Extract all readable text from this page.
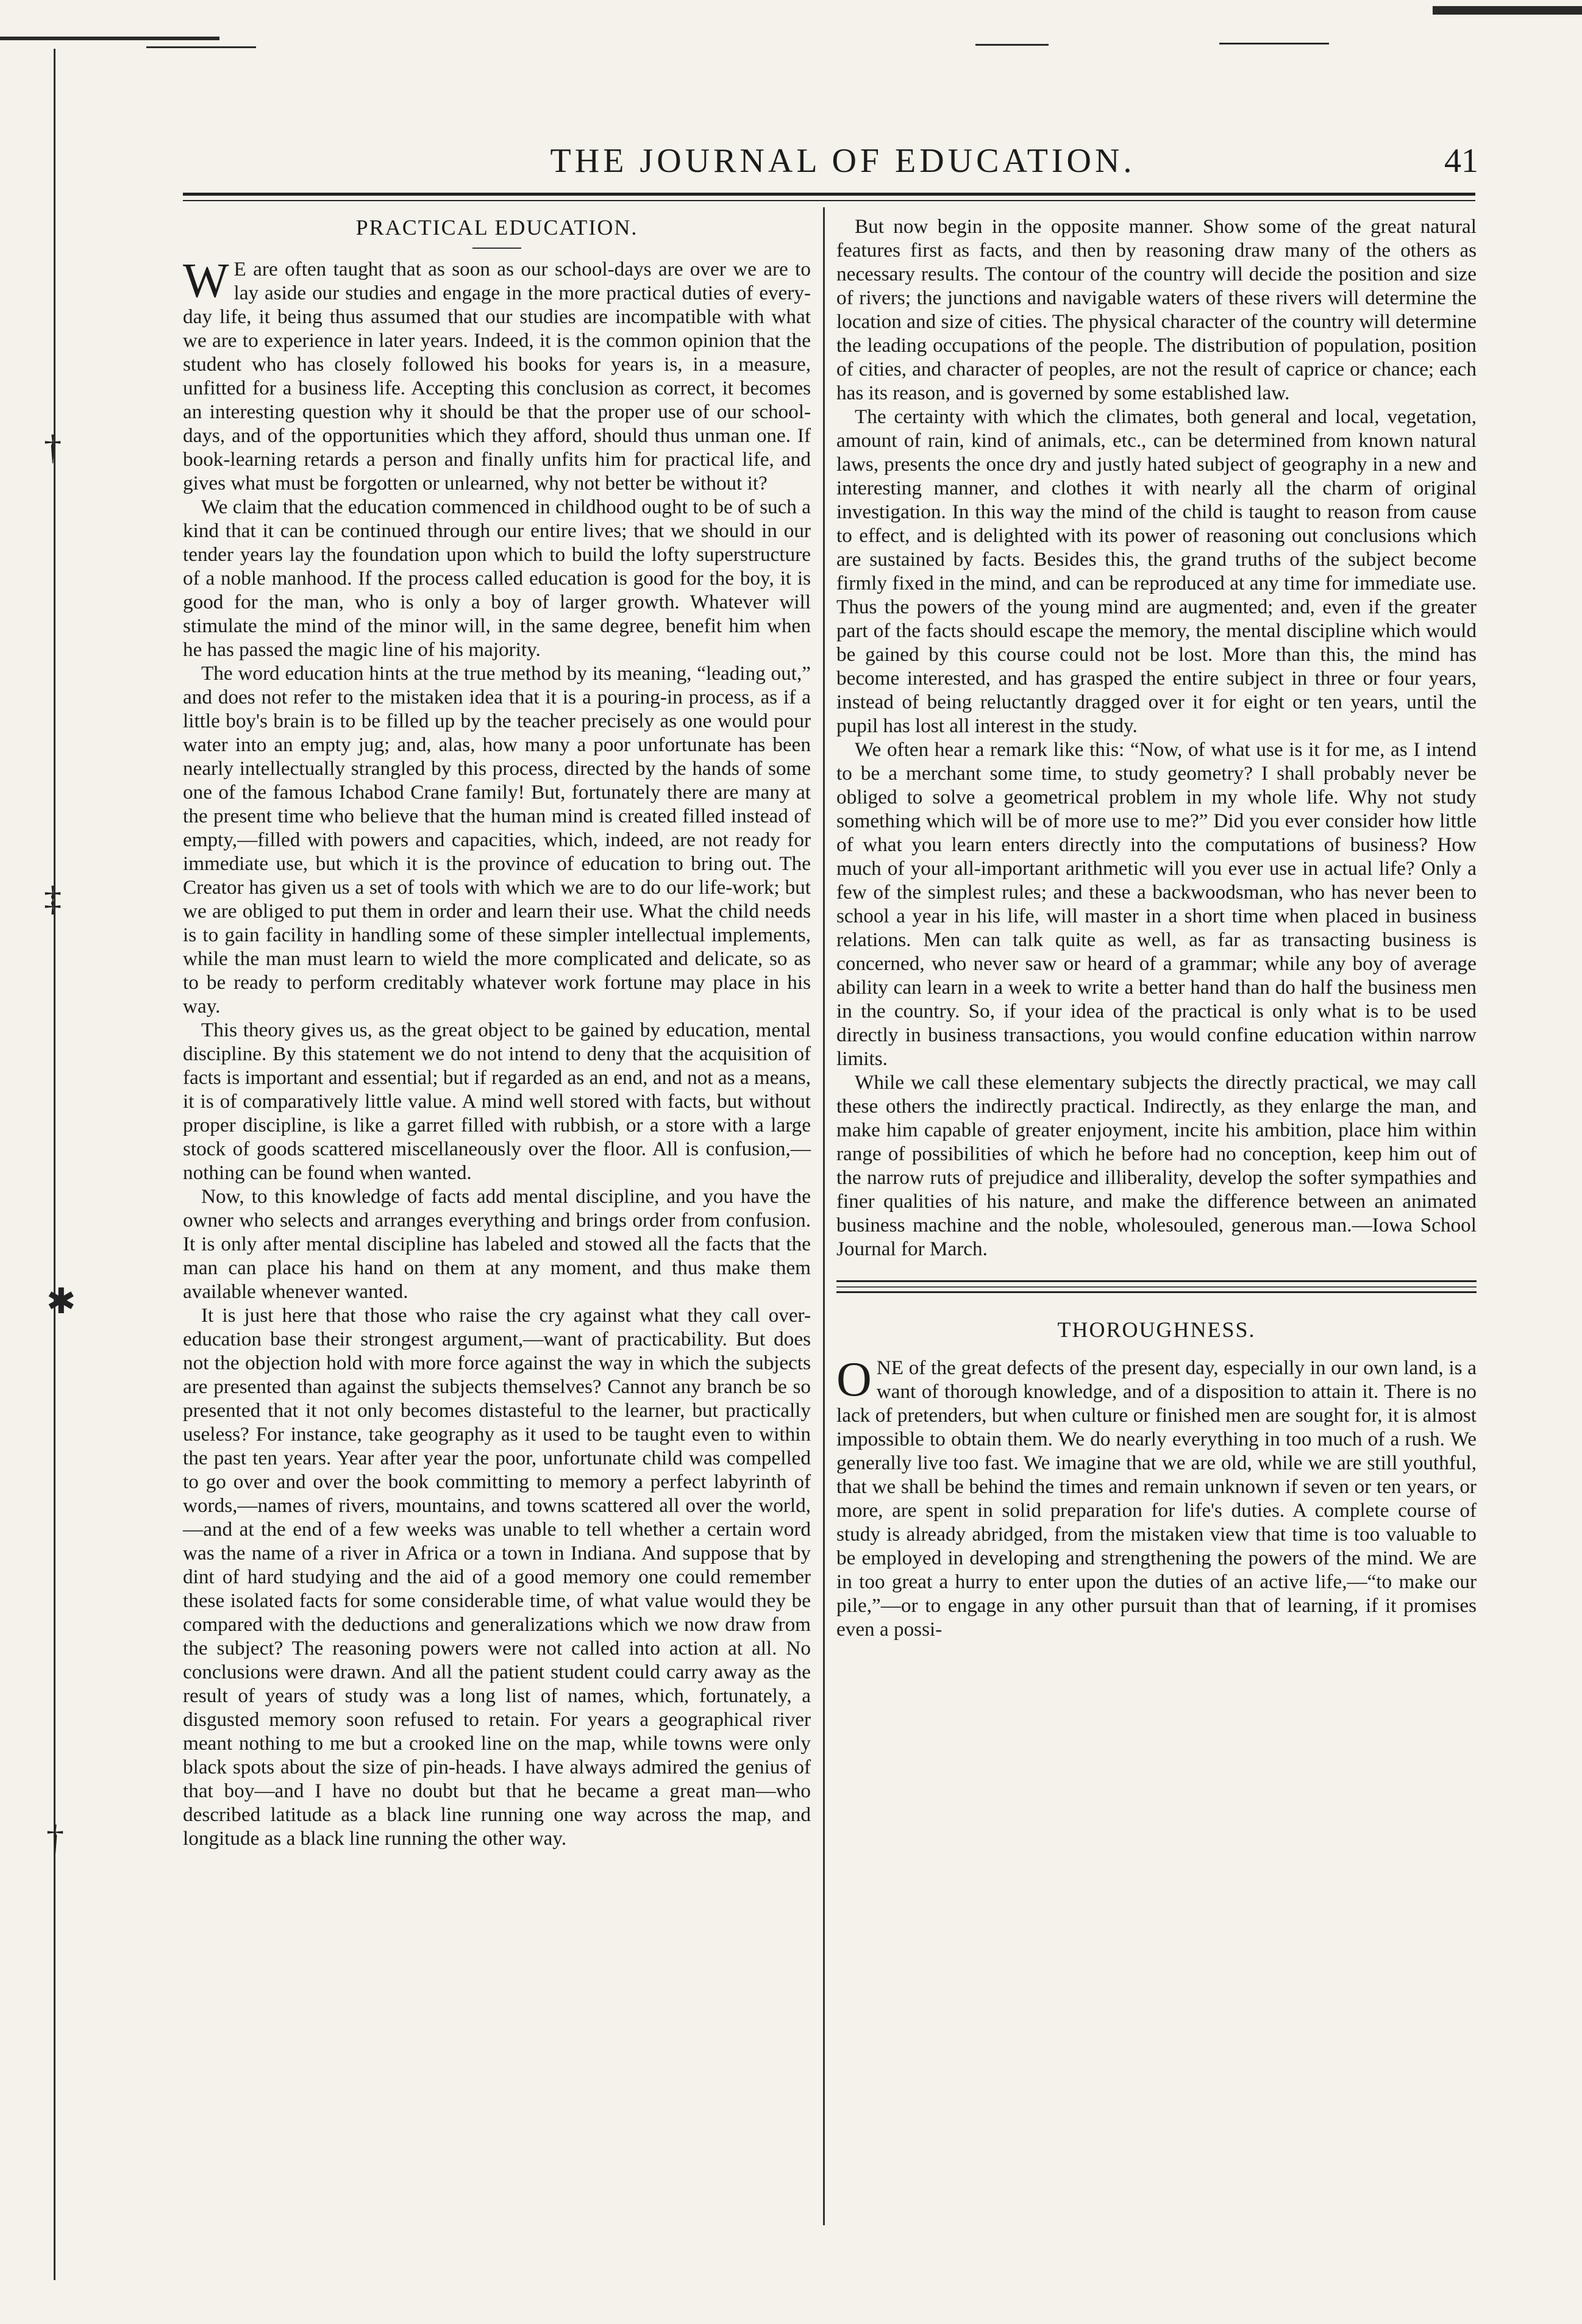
†
‡
✱
†
THE JOURNAL OF EDUCATION.	41
PRACTICAL EDUCATION.

W E are often taught that as soon as our school-days are over we are to lay aside our studies and engage in the more practical duties of every-day life, it being thus assumed that our studies are incompatible with what we are to experience in later years. Indeed, it is the common opinion that the student who has closely followed his books for years is, in a measure, unfitted for a business life. Accepting this conclusion as correct, it becomes an interesting question why it should be that the proper use of our school-days, and of the opportunities which they afford, should thus unman one. If book-learning retards a person and finally unfits him for practical life, and gives what must be forgotten or unlearned, why not better be without it?

We claim that the education commenced in childhood ought to be of such a kind that it can be continued through our entire lives; that we should in our tender years lay the foundation upon which to build the lofty superstructure of a noble manhood. If the process called education is good for the boy, it is good for the man, who is only a boy of larger growth. Whatever will stimulate the mind of the minor will, in the same degree, benefit him when he has passed the magic line of his majority.

The word education hints at the true method by its meaning, “leading out,” and does not refer to the mistaken idea that it is a pouring-in process, as if a little boy's brain is to be filled up by the teacher precisely as one would pour water into an empty jug; and, alas, how many a poor unfortunate has been nearly intellectually strangled by this process, directed by the hands of some one of the famous Ichabod Crane family! But, fortunately there are many at the present time who believe that the human mind is created filled instead of empty,—filled with powers and capacities, which, indeed, are not ready for immediate use, but which it is the province of education to bring out. The Creator has given us a set of tools with which we are to do our life-work; but we are obliged to put them in order and learn their use. What the child needs is to gain facility in handling some of these simpler intellectual implements, while the man must learn to wield the more complicated and delicate, so as to be ready to perform creditably whatever work fortune may place in his way.

This theory gives us, as the great object to be gained by education, mental discipline. By this statement we do not intend to deny that the acquisition of facts is important and essential; but if regarded as an end, and not as a means, it is of comparatively little value. A mind well stored with facts, but without proper discipline, is like a garret filled with rubbish, or a store with a large stock of goods scattered miscellaneously over the floor. All is confusion,—nothing can be found when wanted.

Now, to this knowledge of facts add mental discipline, and you have the owner who selects and arranges everything and brings order from confusion. It is only after mental discipline has labeled and stowed all the facts that the man can place his hand on them at any moment, and thus make them available whenever wanted.

It is just here that those who raise the cry against what they call over-education base their strongest argument,—want of practicability. But does not the objection hold with more force against the way in which the subjects are presented than against the subjects themselves? Cannot any branch be so presented that it not only becomes distasteful to the learner, but practically useless? For instance, take geography as it used to be taught even to within the past ten years. Year after year the poor, unfortunate child was compelled to go over and over the book committing to memory a perfect labyrinth of words,—names of rivers, mountains, and towns scattered all over the world,—and at the end of a few weeks was unable to tell whether a certain word was the name of a river in Africa or a town in Indiana. And suppose that by dint of hard studying and the aid of a good memory one could remember these isolated facts for some considerable time, of what value would they be compared with the deductions and generalizations which we now draw from the subject? The reasoning powers were not called into action at all. No conclusions were drawn. And all the patient student could carry away as the result of years of study was a long list of names, which, fortunately, a disgusted memory soon refused to retain. For years a geographical river meant nothing to me but a crooked line on the map, while towns were only black spots about the size of pin-heads. I have always admired the genius of that boy—and I have no doubt but that he became a great man—who described latitude as a black line running one way across the map, and longitude as a black line running the other way.

But now begin in the opposite manner. Show some of the great natural features first as facts, and then by reasoning draw many of the others as necessary results. The contour of the country will decide the position and size of rivers; the junctions and navigable waters of these rivers will determine the location and size of cities. The physical character of the country will determine the leading occupations of the people. The distribution of population, position of cities, and character of peoples, are not the result of caprice or chance; each has its reason, and is governed by some established law.

The certainty with which the climates, both general and local, vegetation, amount of rain, kind of animals, etc., can be determined from known natural laws, presents the once dry and justly hated subject of geography in a new and interesting manner, and clothes it with nearly all the charm of original investigation. In this way the mind of the child is taught to reason from cause to effect, and is delighted with its power of reasoning out conclusions which are sustained by facts. Besides this, the grand truths of the subject become firmly fixed in the mind, and can be reproduced at any time for immediate use. Thus the powers of the young mind are augmented; and, even if the greater part of the facts should escape the memory, the mental discipline which would be gained by this course could not be lost. More than this, the mind has become interested, and has grasped the entire subject in three or four years, instead of being reluctantly dragged over it for eight or ten years, until the pupil has lost all interest in the study.

We often hear a remark like this: “Now, of what use is it for me, as I intend to be a merchant some time, to study geometry? I shall probably never be obliged to solve a geometrical problem in my whole life. Why not study something which will be of more use to me?” Did you ever consider how little of what you learn enters directly into the computations of business? How much of your all-important arithmetic will you ever use in actual life? Only a few of the simplest rules; and these a backwoodsman, who has never been to school a year in his life, will master in a short time when placed in business relations. Men can talk quite as well, as far as transacting business is concerned, who never saw or heard of a grammar; while any boy of average ability can learn in a week to write a better hand than do half the business men in the country. So, if your idea of the practical is only what is to be used directly in business transactions, you would confine education within narrow limits.

While we call these elementary subjects the directly practical, we may call these others the indirectly practical. Indirectly, as they enlarge the man, and make him capable of greater enjoyment, incite his ambition, place him within range of possibilities of which he before had no conception, keep him out of the narrow ruts of prejudice and illiberality, develop the softer sympathies and finer qualities of his nature, and make the difference between an animated business machine and the noble, wholesouled, generous man.—Iowa School Journal for March.

THOROUGHNESS.

ONE of the great defects of the present day, especially in our own land, is a want of thorough knowledge, and of a disposition to attain it. There is no lack of pretenders, but when culture or finished men are sought for, it is almost impossible to obtain them. We do nearly everything in too much of a rush. We generally live too fast. We imagine that we are old, while we are still youthful, that we shall be behind the times and remain unknown if seven or ten years, or more, are spent in solid preparation for life's duties. A complete course of study is already abridged, from the mistaken view that time is too valuable to be employed in developing and strengthening the powers of the mind. We are in too great a hurry to enter upon the duties of an active life,—“to make our pile,”—or to engage in any other pursuit than that of learning, if it promises even a possi-
